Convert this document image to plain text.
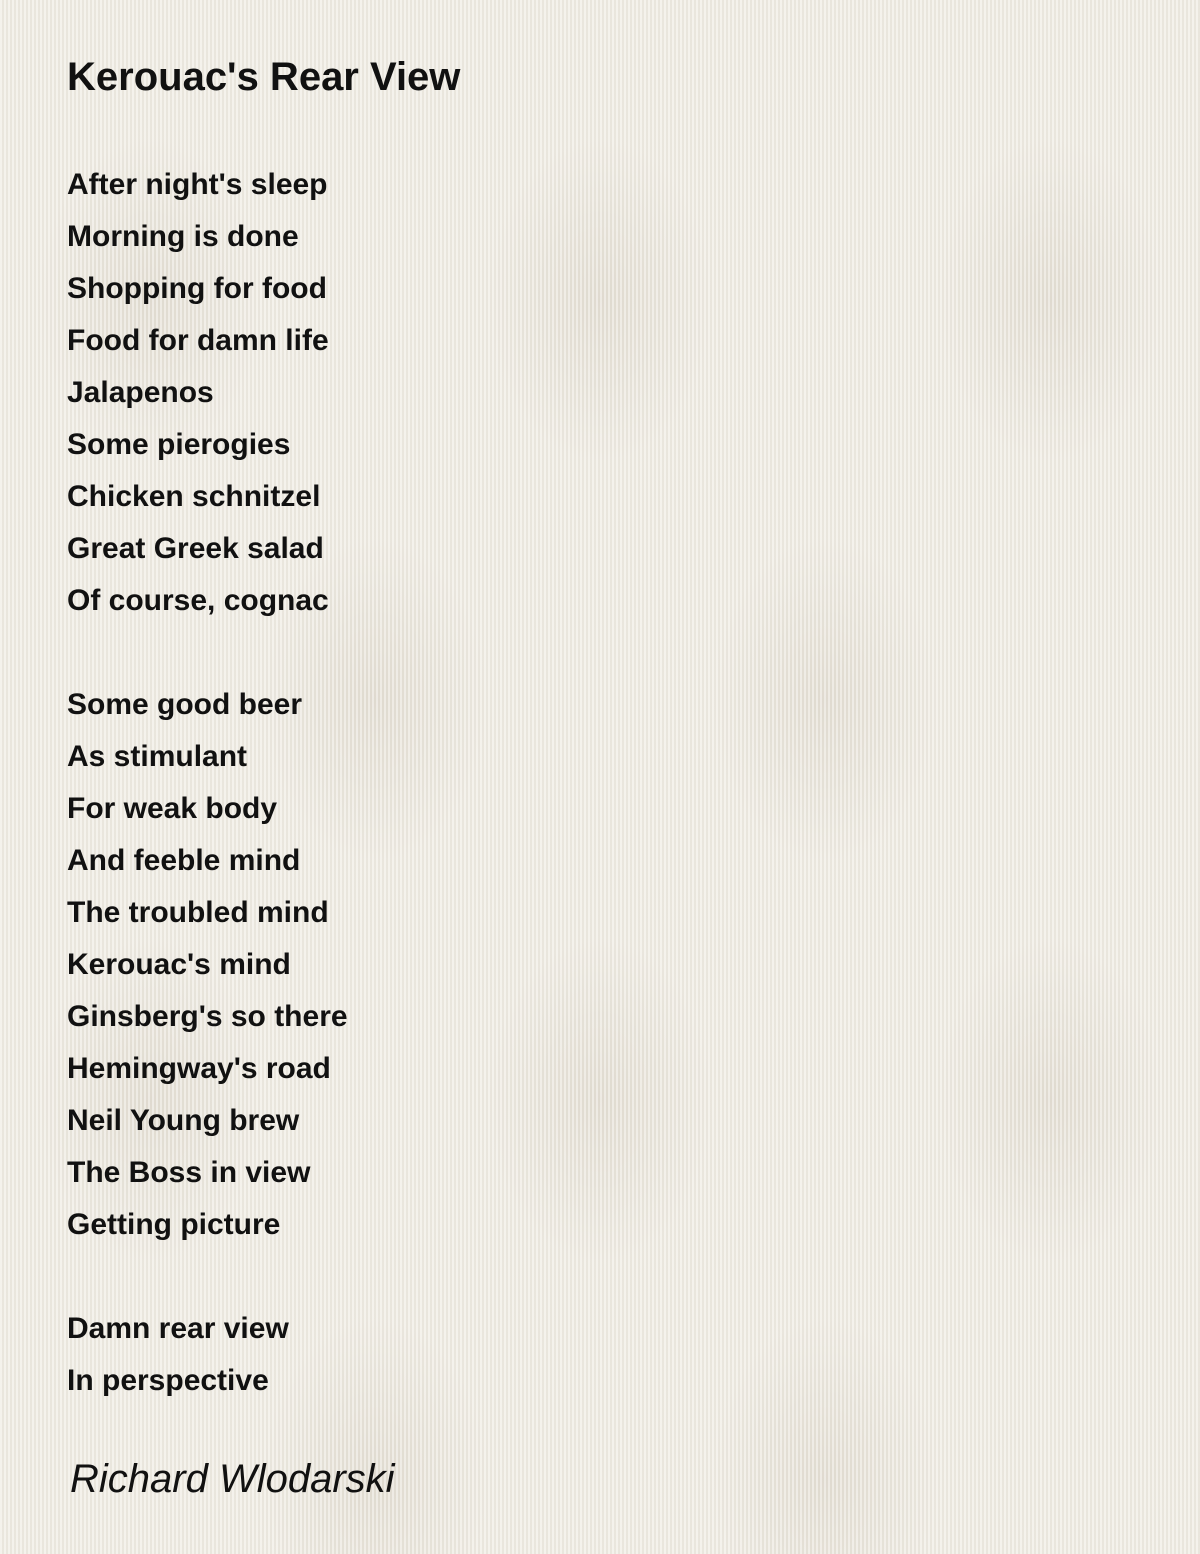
Kerouac's Rear View
After night's sleep
Morning is done
Shopping for food
Food for damn life
Jalapenos
Some pierogies
Chicken schnitzel
Great Greek salad
Of course, cognac
Some good beer
As stimulant
For weak body
And feeble mind
The troubled mind
Kerouac's mind
Ginsberg's so there
Hemingway's road
Neil Young brew
The Boss in view
Getting picture
Damn rear view
In perspective
Richard Wlodarski
